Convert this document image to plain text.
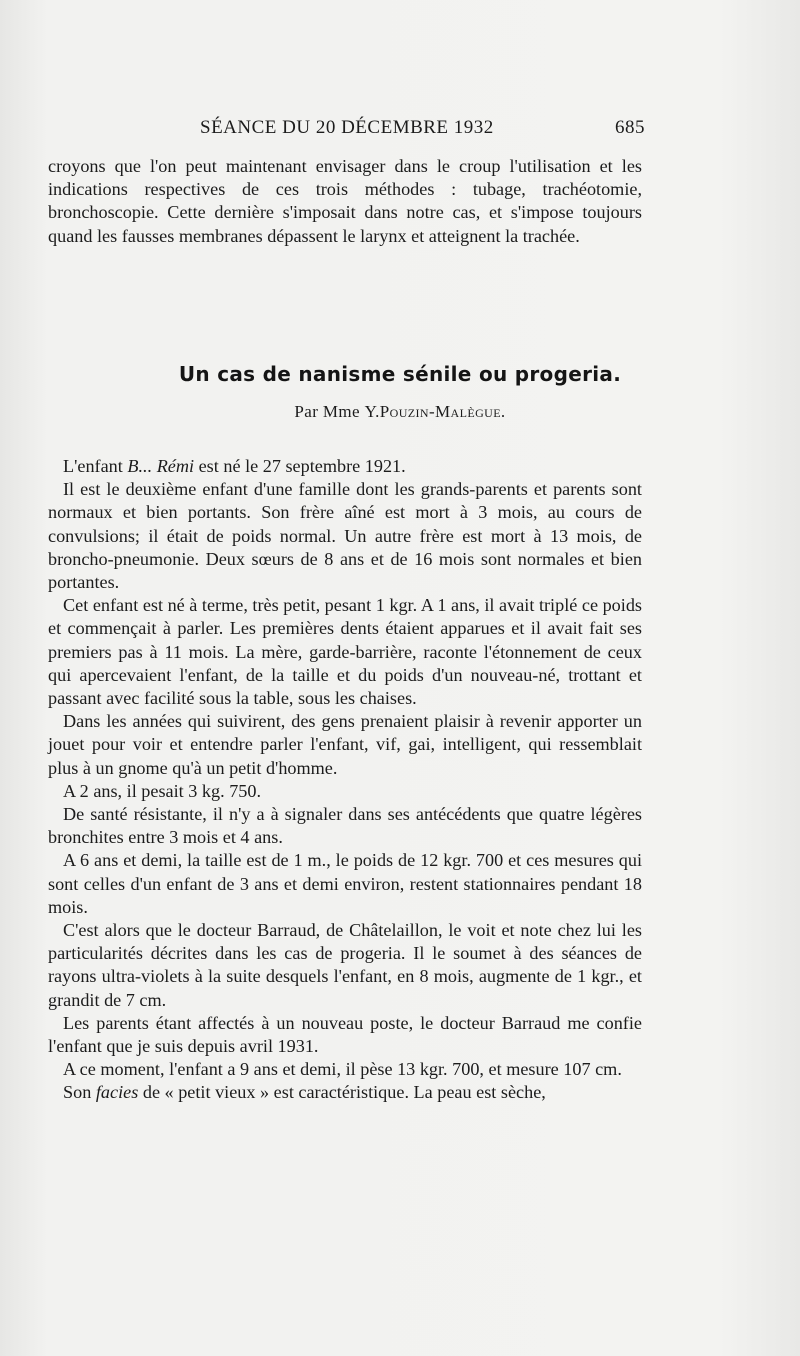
SÉANCE DU 20 DÉCEMBRE 1932	685

croyons que l'on peut maintenant envisager dans le croup l'utilisation et les indications respectives de ces trois méthodes : tubage, trachéotomie, bronchoscopie. Cette dernière s'imposait dans notre cas, et s'impose toujours quand les fausses membranes dépassent le larynx et atteignent la trachée.

Un cas de nanisme sénile ou progeria.
Par Mme Y.Pouzin-Malègue.

L'enfant B... Rémi est né le 27 septembre 1921.

Il est le deuxième enfant d'une famille dont les grands-parents et parents sont normaux et bien portants. Son frère aîné est mort à 3 mois, au cours de convulsions; il était de poids normal. Un autre frère est mort à 13 mois, de broncho-pneumonie. Deux sœurs de 8 ans et de 16 mois sont normales et bien portantes.

Cet enfant est né à terme, très petit, pesant 1 kgr. A 1 ans, il avait triplé ce poids et commençait à parler. Les premières dents étaient apparues et il avait fait ses premiers pas à 11 mois. La mère, garde-barrière, raconte l'étonnement de ceux qui apercevaient l'enfant, de la taille et du poids d'un nouveau-né, trottant et passant avec facilité sous la table, sous les chaises.

Dans les années qui suivirent, des gens prenaient plaisir à revenir apporter un jouet pour voir et entendre parler l'enfant, vif, gai, intelligent, qui ressemblait plus à un gnome qu'à un petit d'homme.

A 2 ans, il pesait 3 kg. 750.

De santé résistante, il n'y a à signaler dans ses antécédents que quatre légères bronchites entre 3 mois et 4 ans.

A 6 ans et demi, la taille est de 1 m., le poids de 12 kgr. 700 et ces mesures qui sont celles d'un enfant de 3 ans et demi environ, restent stationnaires pendant 18 mois.

C'est alors que le docteur Barraud, de Châtelaillon, le voit et note chez lui les particularités décrites dans les cas de progeria. Il le soumet à des séances de rayons ultra-violets à la suite desquels l'enfant, en 8 mois, augmente de 1 kgr., et grandit de 7 cm.

Les parents étant affectés à un nouveau poste, le docteur Barraud me confie l'enfant que je suis depuis avril 1931.

A ce moment, l'enfant a 9 ans et demi, il pèse 13 kgr. 700, et mesure 107 cm.

Son facies de « petit vieux » est caractéristique. La peau est sèche,
